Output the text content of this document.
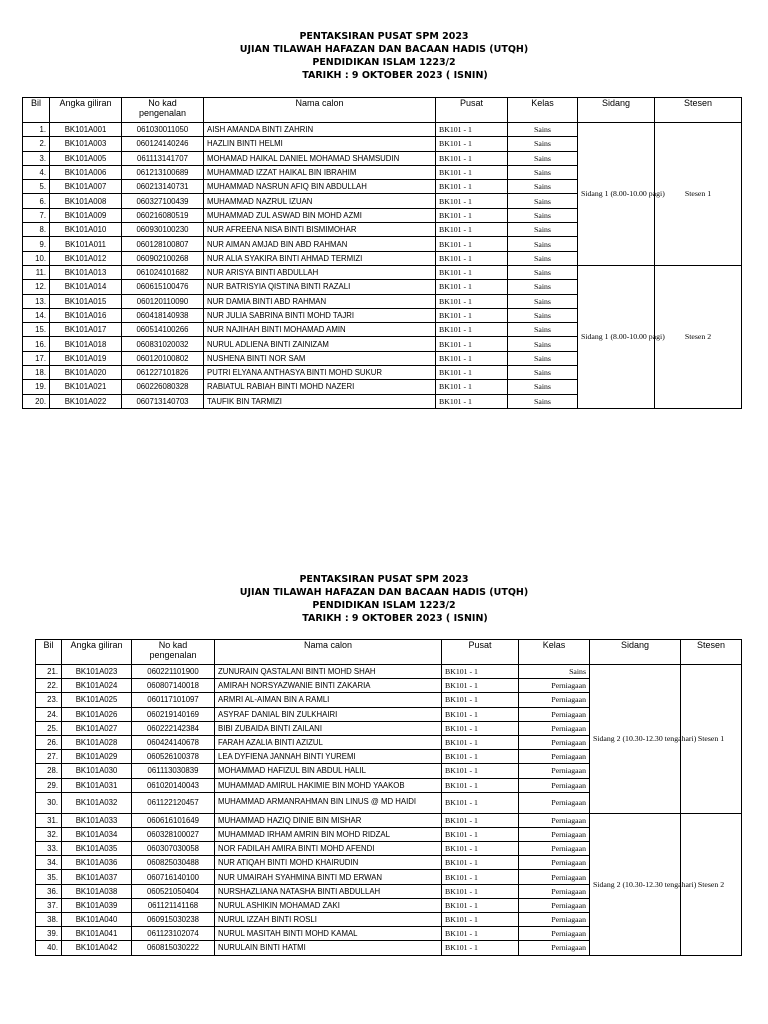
PENTAKSIRAN PUSAT SPM 2023
UJIAN TILAWAH HAFAZAN DAN BACAAN HADIS (UTQH)
PENDIDIKAN ISLAM 1223/2
TARIKH : 9 OKTOBER 2023 ( ISNIN)
Bil	Angka giliran	No kad pengenalan	Nama calon	Pusat	Kelas	Sidang	Stesen
1.	BK101A001	061030011050	AISH AMANDA BINTI ZAHRIN	BK101 - 1	Sains	Sidang 1 (8.00-10.00 pagi)	Stesen 1
2.	BK101A003	060124140246	HAZLIN BINTI HELMI	BK101 - 1	Sains		
3.	BK101A005	061113141707	MOHAMAD HAIKAL DANIEL MOHAMAD SHAMSUDIN	BK101 - 1	Sains		
4.	BK101A006	061213100689	MUHAMMAD IZZAT HAIKAL BIN IBRAHIM	BK101 - 1	Sains		
5.	BK101A007	060213140731	MUHAMMAD NASRUN AFIQ BIN ABDULLAH	BK101 - 1	Sains		
6.	BK101A008	060327100439	MUHAMMAD NAZRUL IZUAN	BK101 - 1	Sains		
7.	BK101A009	060216080519	MUHAMMAD ZUL ASWAD BIN MOHD AZMI	BK101 - 1	Sains		
8.	BK101A010	060930100230	NUR AFREENA NISA BINTI BISMIMOHAR	BK101 - 1	Sains		
9.	BK101A011	060128100807	NUR AIMAN AMJAD BIN ABD RAHMAN	BK101 - 1	Sains		
10.	BK101A012	060902100268	NUR ALIA SYAKIRA BINTI AHMAD TERMIZI	BK101 - 1	Sains		
11.	BK101A013	061024101682	NUR ARISYA BINTI ABDULLAH	BK101 - 1	Sains	Sidang 1 (8.00-10.00 pagi)	Stesen 2
12.	BK101A014	060615100476	NUR BATRISYIA QISTINA BINTI RAZALI	BK101 - 1	Sains		
13.	BK101A015	060120110090	NUR DAMIA BINTI ABD RAHMAN	BK101 - 1	Sains		
14.	BK101A016	060418140938	NUR JULIA SABRINA BINTI MOHD TAJRI	BK101 - 1	Sains		
15.	BK101A017	060514100266	NUR NAJIHAH BINTI MOHAMAD AMIN	BK101 - 1	Sains		
16.	BK101A018	060831020032	NURUL ADLIENA BINTI ZAINIZAM	BK101 - 1	Sains		
17.	BK101A019	060120100802	NUSHENA BINTI NOR SAM	BK101 - 1	Sains		
18.	BK101A020	061227101826	PUTRI ELYANA ANTHASYA BINTI MOHD SUKUR	BK101 - 1	Sains		
19.	BK101A021	060226080328	RABIATUL RABIAH BINTI MOHD NAZERI	BK101 - 1	Sains		
20.	BK101A022	060713140703	TAUFIK BIN TARMIZI	BK101 - 1	Sains		
PENTAKSIRAN PUSAT SPM 2023
UJIAN TILAWAH HAFAZAN DAN BACAAN HADIS (UTQH)
PENDIDIKAN ISLAM 1223/2
TARIKH : 9 OKTOBER 2023 ( ISNIN)
Bil	Angka giliran	No kad pengenalan	Nama calon	Pusat	Kelas	Sidang	Stesen
21.	BK101A023	060221101900	ZUNURAIN QASTALANI BINTI MOHD SHAH	BK101 - 1	Sains	Sidang 2 (10.30-12.30 tengahari)	Stesen 1
22.	BK101A024	060807140018	AMIRAH NORSYAZWANIE BINTI ZAKARIA	BK101 - 1	Perniagaan		
23.	BK101A025	060117101097	ARMRI AL-AIMAN BIN A RAMLI	BK101 - 1	Perniagaan		
24.	BK101A026	060219140169	ASYRAF DANIAL BIN ZULKHAIRI	BK101 - 1	Perniagaan		
25.	BK101A027	060222142384	BIBI ZUBAIDA BINTI ZAILANI	BK101 - 1	Perniagaan		
26.	BK101A028	060424140678	FARAH AZALIA BINTI AZIZUL	BK101 - 1	Perniagaan		
27.	BK101A029	060526100378	LEA DYFIENA JANNAH BINTI YUREMI	BK101 - 1	Perniagaan		
28.	BK101A030	061113030839	MOHAMMAD HAFIZUL BIN ABDUL HALIL	BK101 - 1	Perniagaan		
29.	BK101A031	061020140043	MUHAMMAD AMIRUL HAKIMIE BIN MOHD YAAKOB	BK101 - 1	Perniagaan		
30.	BK101A032	061122120457	MUHAMMAD ARMANRAHMAN BIN LINUS @ MD HAIDI	BK101 - 1	Perniagaan		
31.	BK101A033	060616101649	MUHAMMAD HAZIQ DINIE BIN MISHAR	BK101 - 1	Perniagaan	Sidang 2 (10.30-12.30 tengahari)	Stesen 2
32.	BK101A034	060328100027	MUHAMMAD IRHAM AMRIN BIN MOHD RIDZAL	BK101 - 1	Perniagaan		
33.	BK101A035	060307030058	NOR FADILAH AMIRA BINTI MOHD AFENDI	BK101 - 1	Perniagaan		
34.	BK101A036	060825030488	NUR ATIQAH BINTI MOHD KHAIRUDIN	BK101 - 1	Perniagaan		
35.	BK101A037	060716140100	NUR UMAIRAH SYAHMINA BINTI MD ERWAN	BK101 - 1	Perniagaan		
36.	BK101A038	060521050404	NURSHAZLIANA NATASHA BINTI ABDULLAH	BK101 - 1	Perniagaan		
37.	BK101A039	061121141168	NURUL ASHIKIN MOHAMAD ZAKI	BK101 - 1	Perniagaan		
38.	BK101A040	060915030238	NURUL IZZAH BINTI ROSLI	BK101 - 1	Perniagaan		
39.	BK101A041	061123102074	NURUL MASITAH BINTI MOHD KAMAL	BK101 - 1	Perniagaan		
40.	BK101A042	060815030222	NURULAIN BINTI HATMI	BK101 - 1	Perniagaan		
